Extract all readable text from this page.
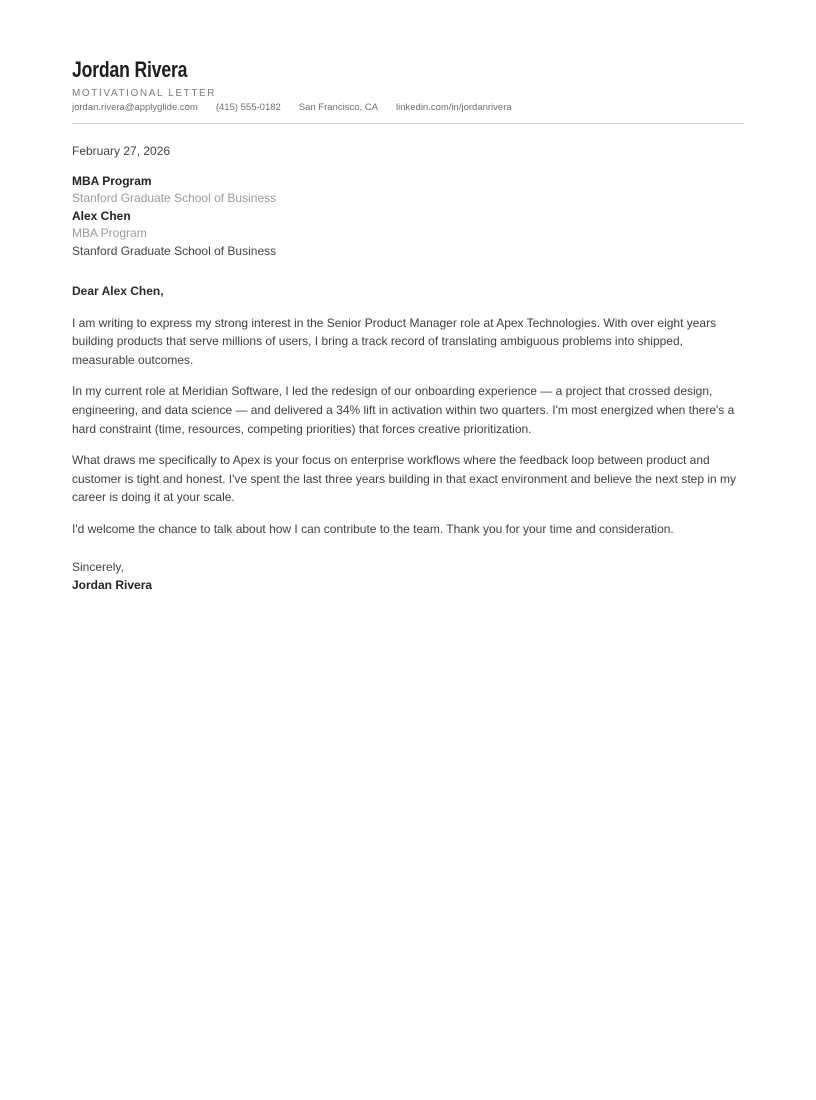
Jordan Rivera
MOTIVATIONAL LETTER
jordan.rivera@applyglide.com (415) 555-0182 San Francisco, CA linkedin.com/in/jordanrivera
February 27, 2026
MBA Program
Stanford Graduate School of Business
Alex Chen
MBA Program
Stanford Graduate School of Business

Dear Alex Chen,

I am writing to express my strong interest in the Senior Product Manager role at Apex Technologies. With over eight years building products that serve millions of users, I bring a track record of translating ambiguous problems into shipped, measurable outcomes.

In my current role at Meridian Software, I led the redesign of our onboarding experience — a project that crossed design, engineering, and data science — and delivered a 34% lift in activation within two quarters. I'm most energized when there's a hard constraint (time, resources, competing priorities) that forces creative prioritization.

What draws me specifically to Apex is your focus on enterprise workflows where the feedback loop between product and customer is tight and honest. I've spent the last three years building in that exact environment and believe the next step in my career is doing it at your scale.

I'd welcome the chance to talk about how I can contribute to the team. Thank you for your time and consideration.

Sincerely,
Jordan Rivera
